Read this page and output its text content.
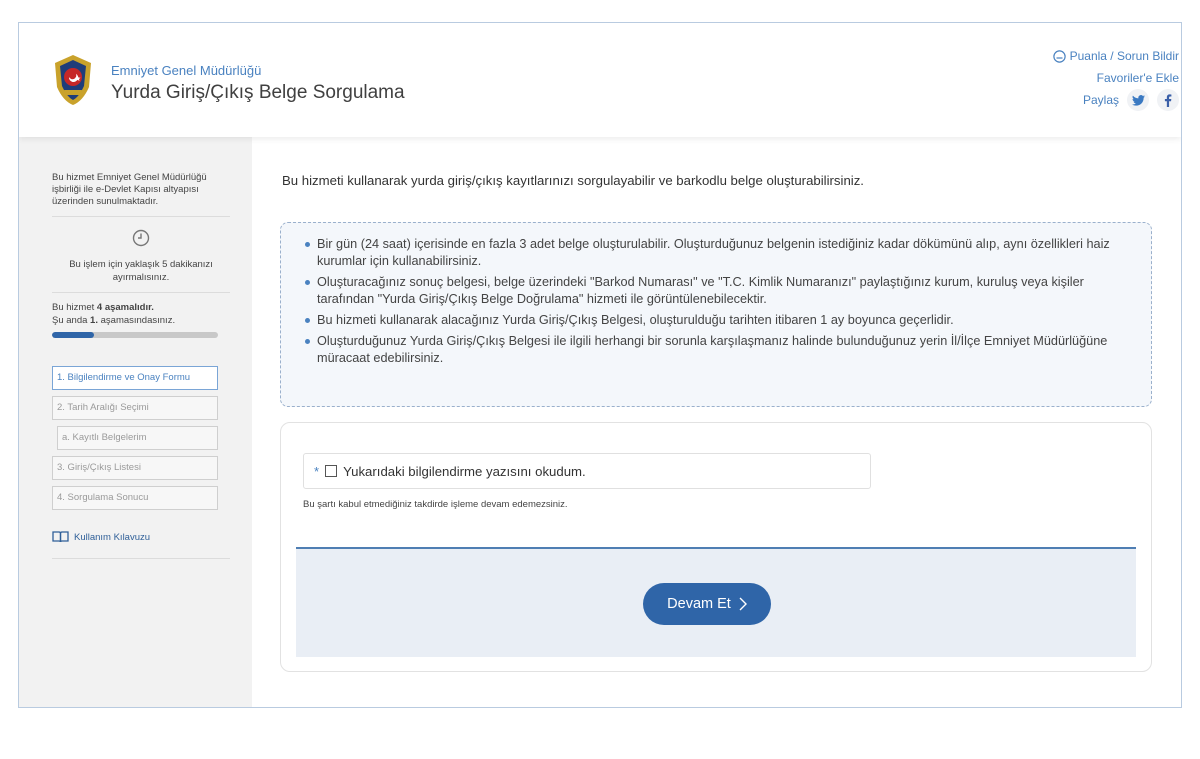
Emniyet Genel Müdürlüğü
Yurda Giriş/Çıkış Belge Sorgulama
Puanla / Sorun Bildir
Favoriler'e Ekle
Paylaş
Bu hizmet Emniyet Genel Müdürlüğü işbirliği ile e-Devlet Kapısı altyapısı üzerinden sunulmaktadır.
Bu işlem için yaklaşık 5 dakikanızı ayırmalısınız.
Bu hizmet 4 aşamalıdır.
Şu anda 1. aşamasındasınız.
1. Bilgilendirme ve Onay Formu
2. Tarih Aralığı Seçimi
a. Kayıtlı Belgelerim
3. Giriş/Çıkış Listesi
4. Sorgulama Sonucu
Kullanım Kılavuzu
Bu hizmeti kullanarak yurda giriş/çıkış kayıtlarınızı sorgulayabilir ve barkodlu belge oluşturabilirsiniz.
Bir gün (24 saat) içerisinde en fazla 3 adet belge oluşturulabilir. Oluşturduğunuz belgenin istediğiniz kadar dökümünü alıp, aynı özellikleri haiz kurumlar için kullanabilirsiniz.
Oluşturacağınız sonuç belgesi, belge üzerindeki "Barkod Numarası" ve "T.C. Kimlik Numaranızı" paylaştığınız kurum, kuruluş veya kişiler tarafından "Yurda Giriş/Çıkış Belge Doğrulama" hizmeti ile görüntülenebilecektir.
Bu hizmeti kullanarak alacağınız Yurda Giriş/Çıkış Belgesi, oluşturulduğu tarihten itibaren 1 ay boyunca geçerlidir.
Oluşturduğunuz Yurda Giriş/Çıkış Belgesi ile ilgili herhangi bir sorunla karşılaşmanız halinde bulunduğunuz yerin İl/İlçe Emniyet Müdürlüğüne müracaat edebilirsiniz.
* Yukarıdaki bilgilendirme yazısını okudum.
Bu şartı kabul etmediğiniz takdirde işleme devam edemezsiniz.
Devam Et
